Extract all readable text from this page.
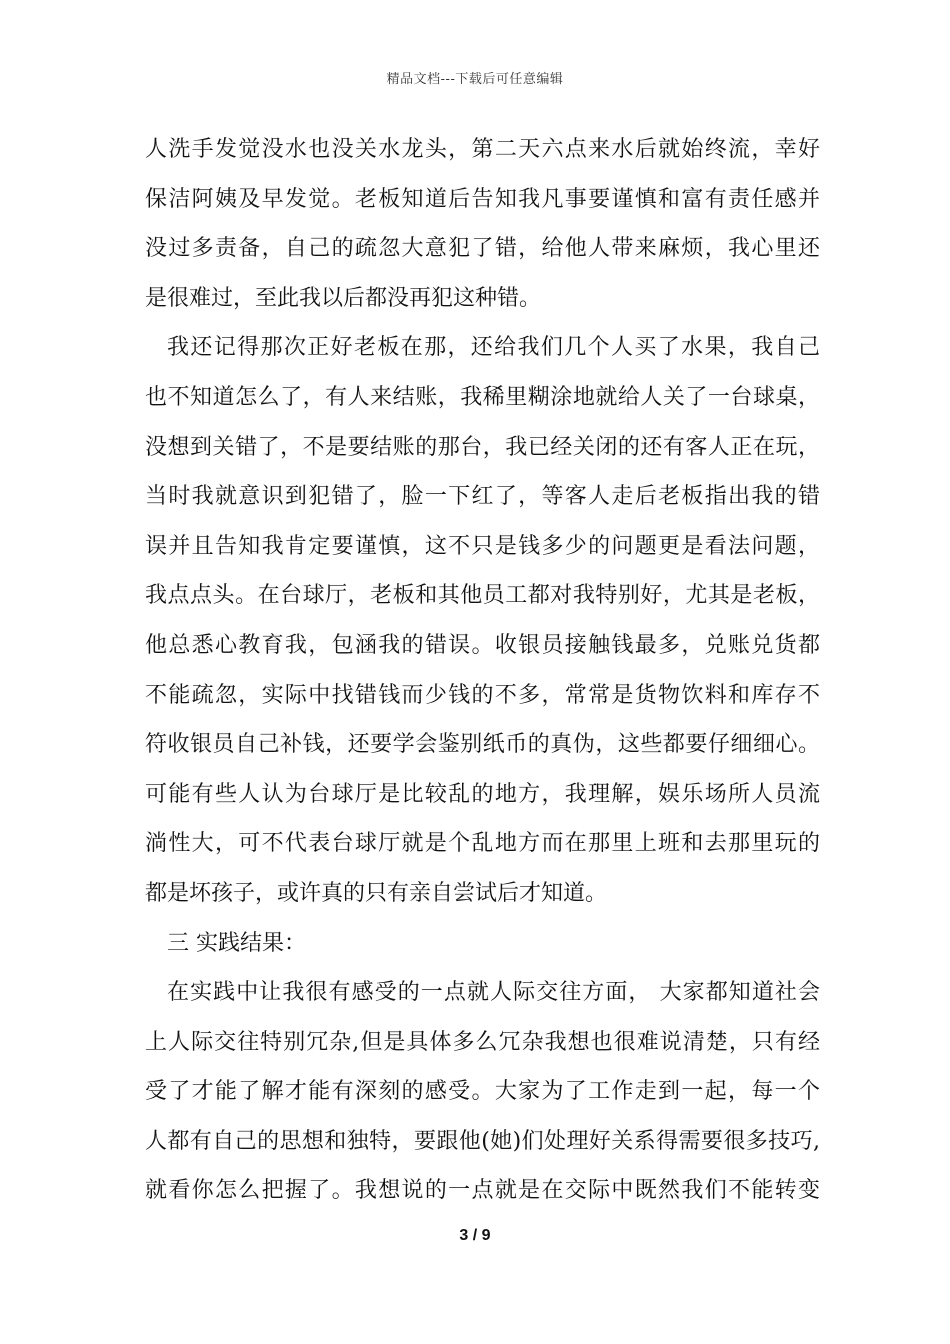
精品文档---下载后可任意编辑
人洗手发觉没水也没关水龙头，第二天六点来水后就始终流，幸好
保洁阿姨及早发觉。老板知道后告知我凡事要谨慎和富有责任感并
没过多责备，自己的疏忽大意犯了错，给他人带来麻烦，我心里还
是很难过，至此我以后都没再犯这种错。
我还记得那次正好老板在那，还给我们几个人买了水果，我自己
也不知道怎么了，有人来结账，我稀里糊涂地就给人关了一台球桌，
没想到关错了，不是要结账的那台，我已经关闭的还有客人正在玩，
当时我就意识到犯错了，脸一下红了，等客人走后老板指出我的错
误并且告知我肯定要谨慎，这不只是钱多少的问题更是看法问题，
我点点头。在台球厅，老板和其他员工都对我特别好，尤其是老板，
他总悉心教育我，包涵我的错误。收银员接触钱最多，兑账兑货都
不能疏忽，实际中找错钱而少钱的不多，常常是货物饮料和库存不
符收银员自己补钱，还要学会鉴别纸币的真伪，这些都要仔细细心。
可能有些人认为台球厅是比较乱的地方，我理解，娱乐场所人员流
淌性大，可不代表台球厅就是个乱地方而在那里上班和去那里玩的
都是坏孩子，或许真的只有亲自尝试后才知道。
三 实践结果：
在实践中让我很有感受的一点就人际交往方面， 大家都知道社会
上人际交往特别冗杂,但是具体多么冗杂我想也很难说清楚，只有经
受了才能了解才能有深刻的感受。大家为了工作走到一起，每一个
人都有自己的思想和独特，要跟他(她)们处理好关系得需要很多技巧,
就看你怎么把握了。我想说的一点就是在交际中既然我们不能转变
3 / 9
